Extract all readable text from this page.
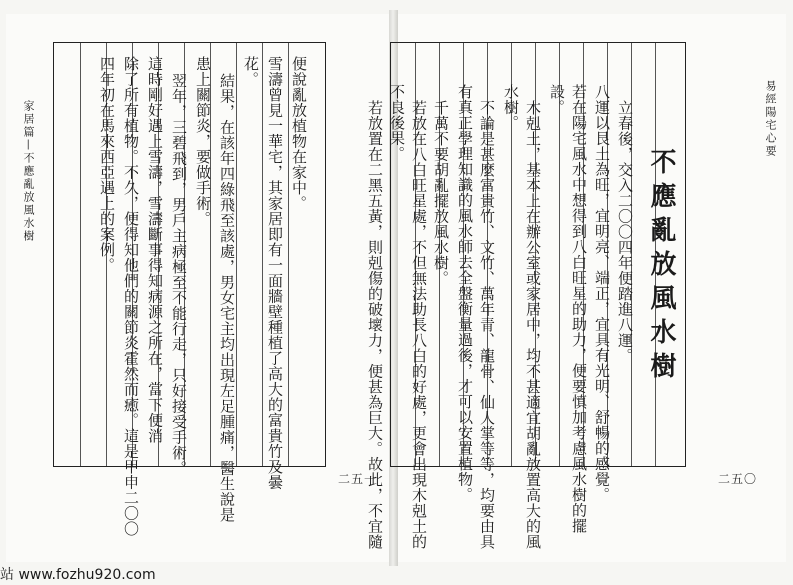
家居篇—不應亂放風水樹
二五一
便說亂放植物在家中。
雪濤曾見一華宅，其家居即有一面牆壁種植了高大的富貴竹及曇
花。
結果，在該年四綠飛至該處，男女宅主均出現左足腫痛，醫生說是
患上關節炎，要做手術。
翌年，三碧飛到，男戶主病極至不能行走，只好接受手術。
這時剛好遇上雪濤，雪濤斷事得知病源之所在，當下便消
除了所有植物。不久，便得知他們的關節炎霍然而癒。這是甲申二〇〇
四年初在馬來西亞遇上的案例。	易經陽宅心要
二五〇
不應亂放風水樹
立春後，交入二〇〇四年便踏進八運。
八運以艮土為旺，宜明亮、端正，宜具有光明、舒暢的感覺。
若在陽宅風水中想得到八白旺星的助力，便要慎加考慮風水樹的擺
設。
木剋土，基本上在辦公室或家居中，均不甚適宜胡亂放置高大的風
水樹。
不論是甚麼富貴竹、文竹、萬年青、龍骨、仙人掌等等，均要由具
有真正學理知識的風水師去全盤衡量過後，才可以安置植物。
千萬不要胡亂擺放風水樹。
若放在八白旺星處，不但無法助長八白的好處，更會出現木剋土的
不良後果。
若放置在二黑五黃，則剋傷的破壞力，便甚為巨大。故此，不宜隨
站 www.fozhu920.com
